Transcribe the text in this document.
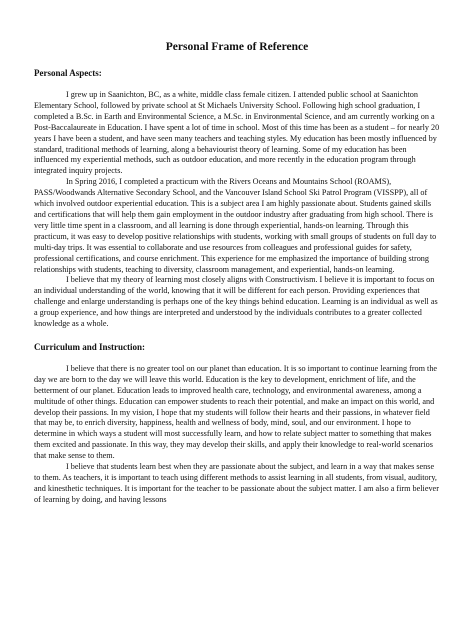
Personal Frame of Reference
Personal Aspects:

I grew up in Saanichton, BC, as a white, middle class female citizen. I attended public school at Saanichton Elementary School, followed by private school at St Michaels University School. Following high school graduation, I completed a B.Sc. in Earth and Environmental Science, a M.Sc. in Environmental Science, and am currently working on a Post-Baccalaureate in Education. I have spent a lot of time in school. Most of this time has been as a student – for nearly 20 years I have been a student, and have seen many teachers and teaching styles. My education has been mostly influenced by standard, traditional methods of learning, along a behaviourist theory of learning. Some of my education has been influenced my experiential methods, such as outdoor education, and more recently in the education program through integrated inquiry projects.

In Spring 2016, I completed a practicum with the Rivers Oceans and Mountains School (ROAMS), PASS/Woodwands Alternative Secondary School, and the Vancouver Island School Ski Patrol Program (VISSPP), all of which involved outdoor experiential education. This is a subject area I am highly passionate about. Students gained skills and certifications that will help them gain employment in the outdoor industry after graduating from high school. There is very little time spent in a classroom, and all learning is done through experiential, hands-on learning. Through this practicum, it was easy to develop positive relationships with students, working with small groups of students on full day to multi-day trips. It was essential to collaborate and use resources from colleagues and professional guides for safety, professional certifications, and course enrichment. This experience for me emphasized the importance of building strong relationships with students, teaching to diversity, classroom management, and experiential, hands-on learning.

I believe that my theory of learning most closely aligns with Constructivism. I believe it is important to focus on an individual understanding of the world, knowing that it will be different for each person. Providing experiences that challenge and enlarge understanding is perhaps one of the key things behind education. Learning is an individual as well as a group experience, and how things are interpreted and understood by the individuals contributes to a greater collected knowledge as a whole.

Curriculum and Instruction:

I believe that there is no greater tool on our planet than education. It is so important to continue learning from the day we are born to the day we will leave this world. Education is the key to development, enrichment of life, and the betterment of our planet. Education leads to improved health care, technology, and environmental awareness, among a multitude of other things. Education can empower students to reach their potential, and make an impact on this world, and develop their passions. In my vision, I hope that my students will follow their hearts and their passions, in whatever field that may be, to enrich diversity, happiness, health and wellness of body, mind, soul, and our environment. I hope to determine in which ways a student will most successfully learn, and how to relate subject matter to something that makes them excited and passionate. In this way, they may develop their skills, and apply their knowledge to real-world scenarios that make sense to them.

I believe that students learn best when they are passionate about the subject, and learn in a way that makes sense to them. As teachers, it is important to teach using different methods to assist learning in all students, from visual, auditory, and kinesthetic techniques. It is important for the teacher to be passionate about the subject matter. I am also a firm believer of learning by doing, and having lessons
